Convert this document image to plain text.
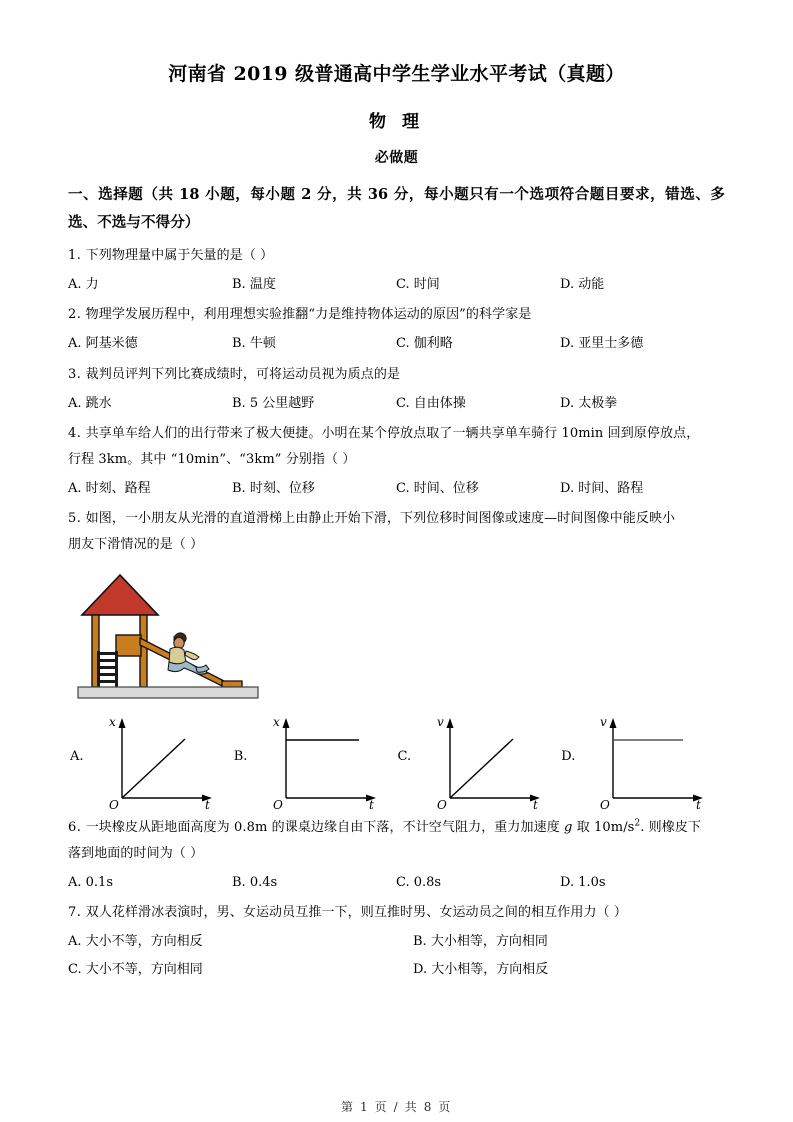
河南省 2019 级普通高中学生学业水平考试（真题）
物 理
必做题
一、选择题（共 18 小题，每小题 2 分，共 36 分，每小题只有一个选项符合题目要求，错选、多选、不选与不得分）
1. 下列物理量中属于矢量的是（ ）
A. 力	B. 温度	C. 时间	D. 动能
2. 物理学发展历程中，利用理想实验推翻“力是维持物体运动的原因”的科学家是
A. 阿基米德	B. 牛顿	C. 伽利略	D. 亚里士多德
3. 裁判员评判下列比赛成绩时，可将运动员视为质点的是
A. 跳水	B. 5 公里越野	C. 自由体操	D. 太极拳
4. 共享单车给人们的出行带来了极大便捷。小明在某个停放点取了一辆共享单车骑行 10min 回到原停放点，
行程 3km。其中 “10min”、“3km” 分别指（ ）
A. 时刻、路程	B. 时刻、位移	C. 时间、位移	D. 时间、路程
5. 如图，一小朋友从光滑的直道滑梯上由静止开始下滑，下列位移时间图像或速度—时间图像中能反映小
朋友下滑情况的是（ ）
A.
x
t
O
B.
x
t
O
C.
v
t
O
D.
v
t
O
6. 一块橡皮从距地面高度为 0.8m 的课桌边缘自由下落，不计空气阻力，重力加速度 g 取 $10m/s^2$. 则橡皮下
落到地面的时间为（ ）
A. 0.1s	B. 0.4s	C. 0.8s	D. 1.0s
7. 双人花样滑冰表演时，男、女运动员互推一下，则互推时男、女运动员之间的相互作用力（ ）
A. 大小不等，方向相反	B. 大小相等，方向相同
C. 大小不等，方向相同	D. 大小相等，方向相反
第 1 页 / 共 8 页
